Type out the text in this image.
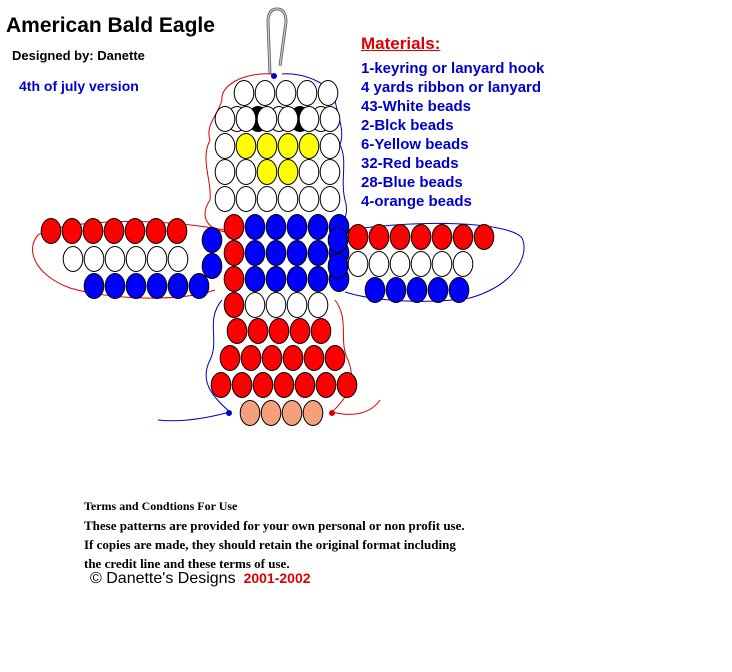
American Bald Eagle
Designed by: Danette
4th of july version
Materials:
1-keyring or lanyard hook
4 yards ribbon or lanyard
43-White beads
2-Blck beads
6-Yellow beads
32-Red beads
28-Blue beads
4-orange beads
Terms and Condtions For Use
These patterns are provided for your own personal or non profit use.
If copies are made, they should retain the original format including
the credit line and these terms of use.
© Danette's Designs 2001-2002
